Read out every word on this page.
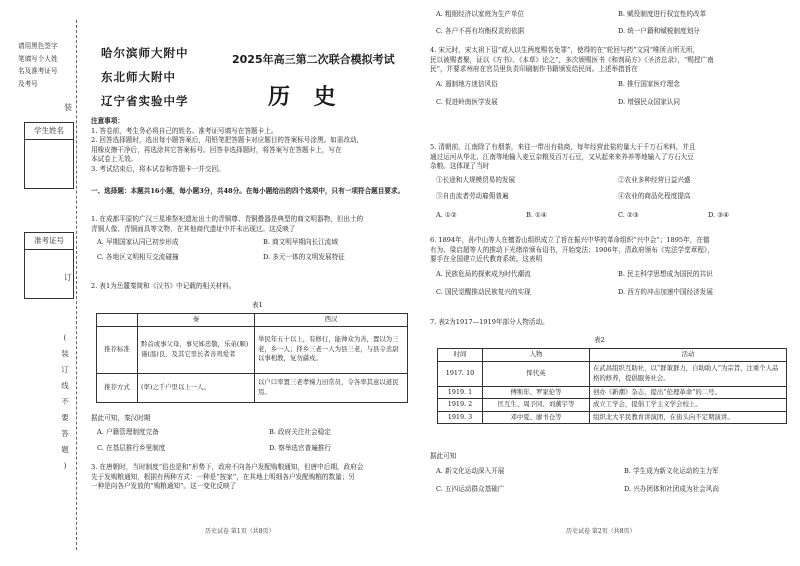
请用黑色签字笔填写个人姓名及准考证号及考号
学生姓名
准考证号
装
订
(
装
订
线
不
要
答
题
)
哈尔滨师大附中
东北师大附中
辽宁省实验中学
2025年高三第二次联合模拟考试
历 史
注意事项：
1. 答卷前，考生务必将自己的姓名、准考证号填写在答题卡上。
2. 回答选择题时，选出每小题答案后，用铅笔把答题卡对应题目的答案标号涂黑。如需改动，
用橡皮擦干净后，再选涂其它答案标号。回答非选择题时，将答案写在答题卡上，写在
本试卷上无效。
3. 考试结束后，将本试卷和答题卡一并交回。
一、选择题：本题共16小题，每小题3分，共48分。在每小题给出的四个选项中，只有一项符合题目要求。
1. 在成都平原的广汉三星堆祭祀遗址出土的青铜尊、青铜罍器是典型的商文明器物，但出土的
青铜人像、青铜面具等文物，在其他商代遗址中并未出现过。这反映了
A. 早期国家认同已初步形成	B. 商文明早期向长江流域
C. 各地区文明相互交流碰撞	D. 多元一体的文明发展特征
2. 表1为岳麓秦简和《汉书》中记载的相关材料。
表1
	秦	西汉
推荐标准	黔首或事父母，事兄姊忠敬，乐弟(顺)谨(温)良，及其它里长者善鸡爱者	举民年五十以上，有修行，能帅众为善，置以为三老，乡一人；择乡三老一人为县三老，与县令丞尉以事相教，复勿繇戍。
推荐方式	(率)之千户里以上一人。	以户口率置三老孝悌力田常员，令各率其意以道民焉。
据此可知，秦汉时期
A. 户籍管理制度完备	B. 政府关注社会稳定
C. 在基层推行乡里制度	D. 察举选官普遍推行
3. 在唐朝时，当时制度“俗也是和”形势下，政府不向各户发配购粮通知，但唐中后期，政府会
先于发购粮通知，根据有两种方式：一种是“按家”，在其地上明细各户发配购粮的数量；另
一种是向各户发放的“购粮通知”。这一变化反映了
历史试卷 第1页（共8页）
A. 粗细经济以家庭为生产单位	B. 赋役制度进行权宜性的改革
C. 各户不再有均衡权责的依据	D. 统一户籍和赋税制度划分
4. 宋元时，宋太祖下诏“或人以生两度赐名免罪”，使得的在“轮回与药”文同“唯所言所无所，
民以被赐者聚，证以《方书》、《本草》论之”，多次颁赐医书《和剂局方》《圣济总录》，“赐授广南
民”，并要求州府在官员里负责印刷制作书籍颁发给民间。上述举措旨在
A. 遏制地方迷信风俗	B. 推行国家医疗理念
C. 促进岭南医学发展	D. 增强民众国家认同
5. 清朝前，江南除了有烟茶，来往一带出有盐商，每年经营此盐的量大于千万石米料，并且
通过运河从华北、江南等地输入麦豆杂粮及百万石豆，又从起来来养养等地输入了方石大豆
杂粮。这体现了当时
①长途和大规模贸易的发展	②农业多种经营日益兴盛
③自由流者劳动雇佣普遍	④农业的商品化程度提高
A. ①②	B. ①④	C. ②③	D. ③④
6. 1894年，孙中山等人在檀香山组织成立了旨在振兴中华的革命组织“兴中会”；1895年，在德
有为、梁启超等人的推动下光绪帝颁布诏书，开始变法；1906年，清政府颁布《宪法学堂章程》，
要手在全国建立近代教育系统。这表明
A. 民族危局的探索成为时代潮流	B. 民主科学思想成为国民的共识
C. 国民觉醒推动民族复兴的实现	D. 西方的冲击加速中国经济发展
7. 表2为1917—1919年部分人物活动。
表2
时间	人物	活动
1917. 10	恽代英	在武昌组织互助社，以“群策群力，自助助人”为宗旨，注重个人品格的修养，提倡服务社会。
1919. 1	傅斯年、罗家伦等	创办《新潮》杂志，提出“伦理革命”的二号。
1919. 2	匡互生、周予同、刘薰宇等	成立工学会，提倡工学主义学会校上。
1919. 3	邓中夏、廖书仓等	组织北大平民教育讲演团，在街头向不定期演讲。
据此可知
A. 新文化运动深入开展	B. 学生成为新文化运动的主力军
C. 五四运动群众基础广	D. 兴办团体和社团成为社会风尚
历史试卷 第2页（共8页）
